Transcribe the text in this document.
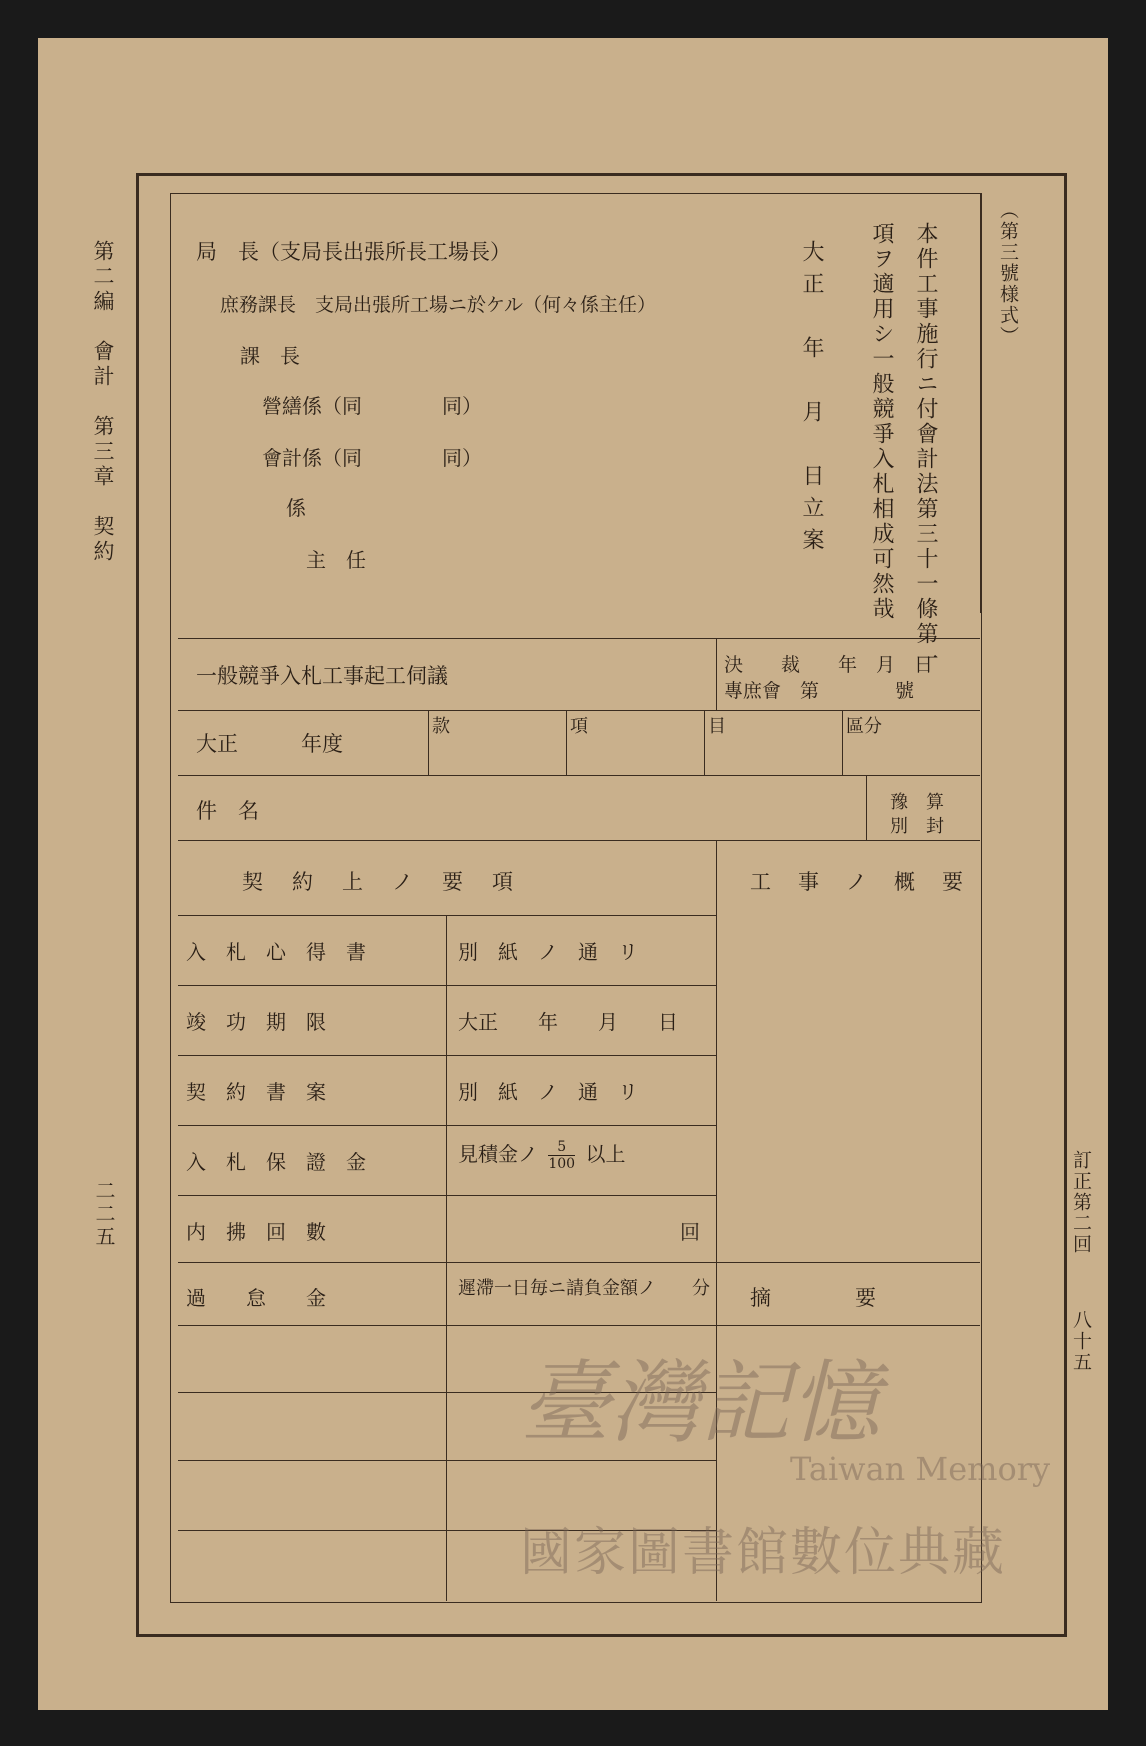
第二編　會計　第三章　契約
二二五	訂正第二回
八十五
（第三號様式）
本件工事施行ニ付會計法第三十一條第一
項ヲ適用シ一般競爭入札相成可然哉
大正　年　月　日立案
局　長（支局長出張所長工場長）
庶務課長　支局出張所工場ニ於ケル（何々係主任）
課　長
營繕係（同　　　　同）
會計係（同　　　　同）
係
主　任
一般競爭入札工事起工伺議	決　　裁　　年　月　日
專庶會　第　　　　號
大正　　　年度
款	項	目	區分
件　名	豫　算
別　封
契　約　上　ノ　要　項	工　事　ノ　概　要
入　札　心　得　書	別　紙　ノ　通　リ
竣　功　期　限	大正　　年　　月　　日
契　約　書　案	別　紙　ノ　通　リ
入　札　保　證　金	見積金ノ $\frac{5}{100}$ 以上
内　拂　回　數	回
過　　怠　　金	遲滯一日毎ニ請負金額ノ　　分 摘　　　　要
臺灣記憶
Taiwan Memory
國家圖書館數位典藏
